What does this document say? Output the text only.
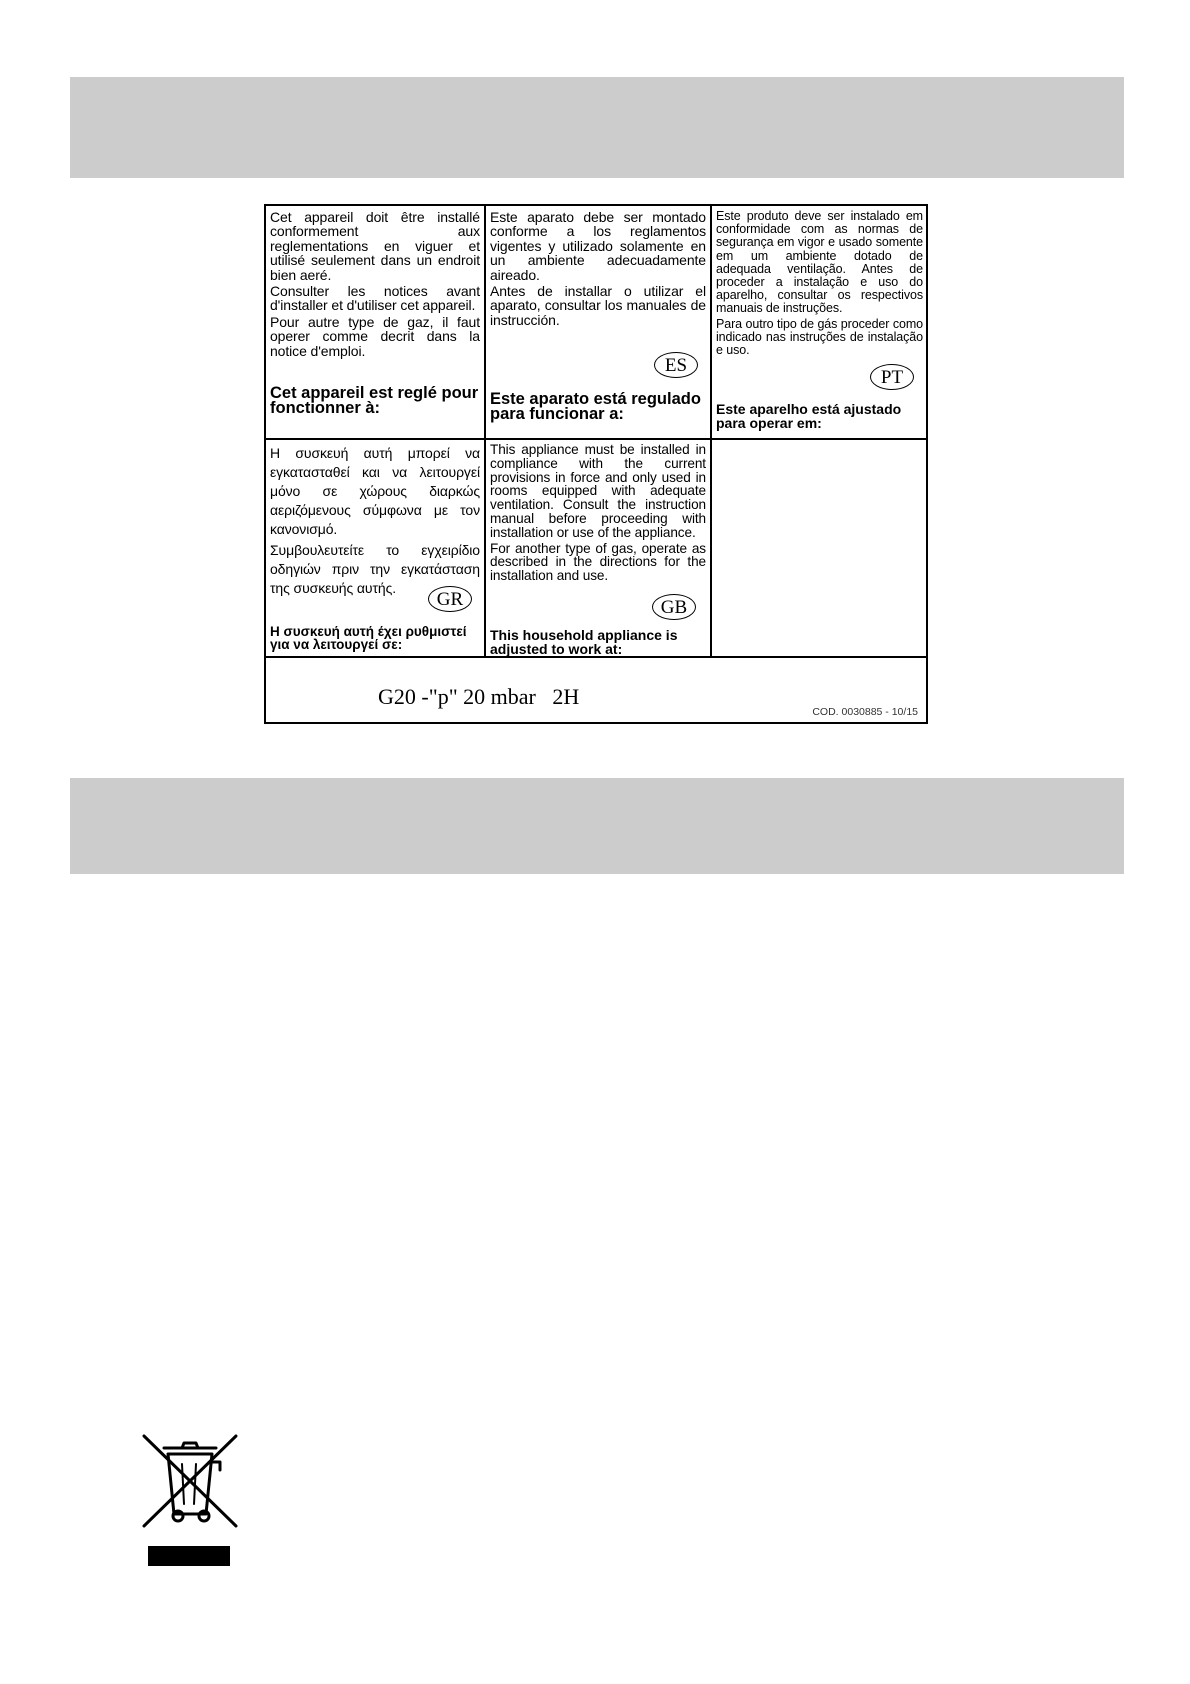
Cet appareil doit être installé conformement aux reglementations en viguer et utilisé seulement dans un endroit bien aeré.

Consulter les notices avant d'installer et d'utiliser cet appareil.

Pour autre type de gaz, il faut operer comme decrit dans la notice d'emploi.

Cet appareil est reglé pour fonctionner à:

Este aparato debe ser montado conforme a los reglamentos vigentes y utilizado solamente en un ambiente adecuadamente aireado.

Antes de installar o utilizar el aparato, consultar los manuales de instrucción.

ES
Este aparato está regulado para funcionar a:

Este produto deve ser instalado em conformidade com as normas de segurança em vigor e usado somente em um ambiente dotado de adequada ventilação. Antes de proceder a instalação e uso do aparelho, consultar os respectivos manuais de instruções.

Para outro tipo de gás proceder como indicado nas instruções de instalação e uso.

PT
Este aparelho está ajustado para operar em:

Η συσκευή αυτή μπορεί να εγκατασταθεί και να λειτουργεί μόνο σε χώρους διαρκώς αεριζόμενους σύμφωνα με τον κανονισμό.

Συμβουλευτείτε το εγχειρίδιο οδηγιών πριν την εγκατάσταση της συσκευής αυτής.

GR
Η συσκευή αυτή έχει ρυθμιστεί για να λειτουργεί σε:

This appliance must be installed in compliance with the current provisions in force and only used in rooms equipped with adequate ventilation. Consult the instruction manual before proceeding with installation or use of the appliance.

For another type of gas, operate as described in the directions for the installation and use.

GB
This household appliance is adjusted to work at:
G20 -"p" 20 mbar   2H
COD. 0030885 - 10/15
